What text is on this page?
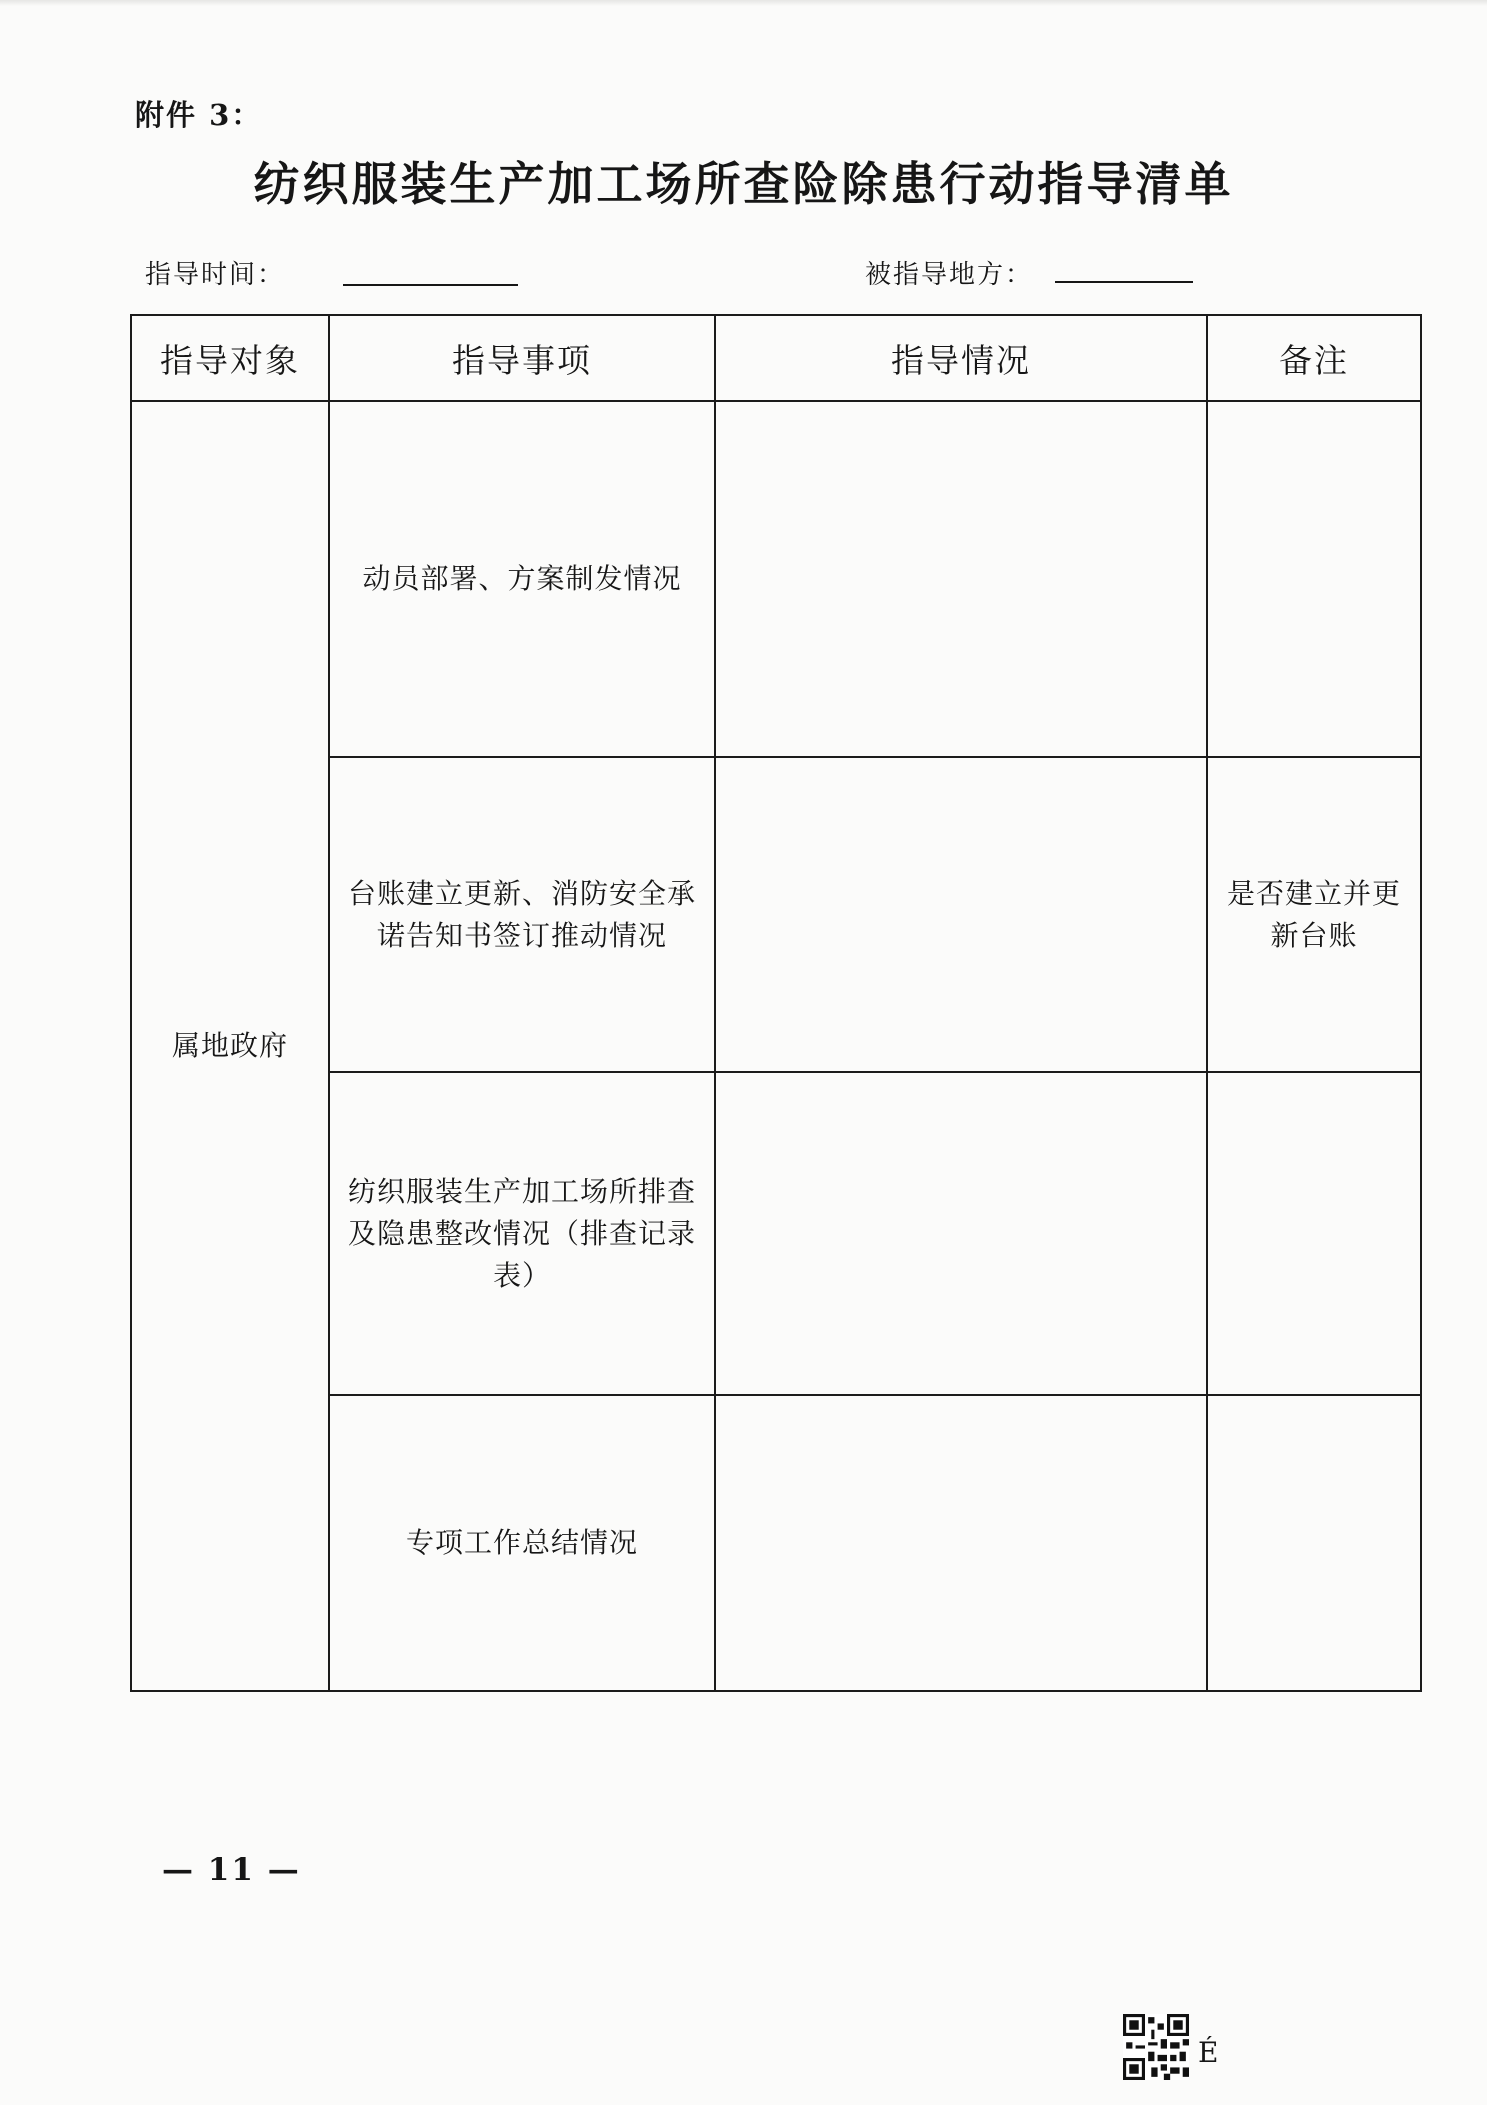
附件 3：
纺织服装生产加工场所查险除患行动指导清单
指导时间：	被指导地方：
指导对象	指导事项	指导情况	备注
属地政府	动员部署、方案制发情况		

	台账建立更新、消防安全承诺告知书签订推动情况		是否建立并更新台账

	纺织服装生产加工场所排查及隐患整改情况（排查记录表）		

	专项工作总结情况		

— 11 —
É
